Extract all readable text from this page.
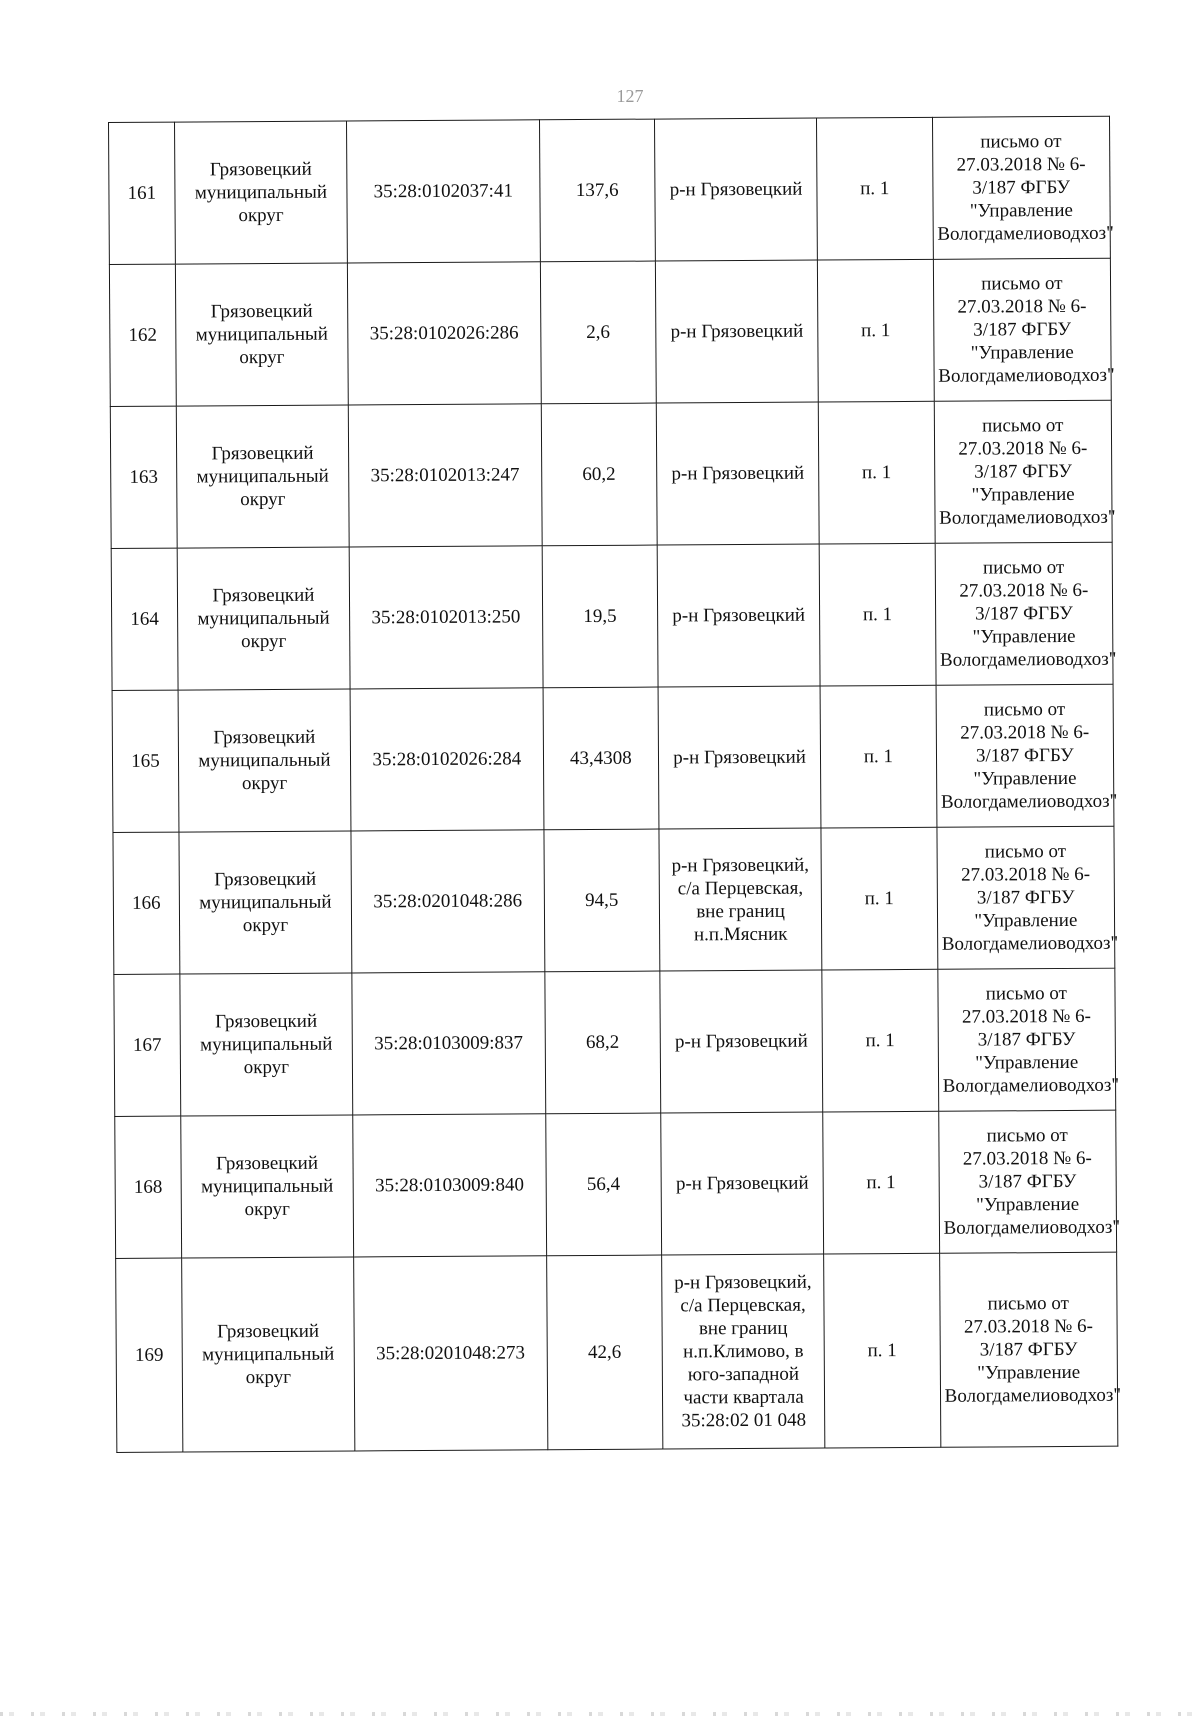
127
161	Грязовецкий муниципальный округ	35:28:0102037:41	137,6	р-н Грязовецкий	п. 1	письмо от 27.03.2018 № 6-3/187 ФГБУ "Управление Вологдамелиоводхоз"
162	Грязовецкий муниципальный округ	35:28:0102026:286	2,6	р-н Грязовецкий	п. 1	письмо от 27.03.2018 № 6-3/187 ФГБУ "Управление Вологдамелиоводхоз"
163	Грязовецкий муниципальный округ	35:28:0102013:247	60,2	р-н Грязовецкий	п. 1	письмо от 27.03.2018 № 6-3/187 ФГБУ "Управление Вологдамелиоводхоз"
164	Грязовецкий муниципальный округ	35:28:0102013:250	19,5	р-н Грязовецкий	п. 1	письмо от 27.03.2018 № 6-3/187 ФГБУ "Управление Вологдамелиоводхоз"
165	Грязовецкий муниципальный округ	35:28:0102026:284	43,4308	р-н Грязовецкий	п. 1	письмо от 27.03.2018 № 6-3/187 ФГБУ "Управление Вологдамелиоводхоз"
166	Грязовецкий муниципальный округ	35:28:0201048:286	94,5	р-н Грязовецкий, с/а Перцевская, вне границ н.п.Мясник	п. 1	письмо от 27.03.2018 № 6-3/187 ФГБУ "Управление Вологдамелиоводхоз"
167	Грязовецкий муниципальный округ	35:28:0103009:837	68,2	р-н Грязовецкий	п. 1	письмо от 27.03.2018 № 6-3/187 ФГБУ "Управление Вологдамелиоводхоз"
168	Грязовецкий муниципальный округ	35:28:0103009:840	56,4	р-н Грязовецкий	п. 1	письмо от 27.03.2018 № 6-3/187 ФГБУ "Управление Вологдамелиоводхоз"
169	Грязовецкий муниципальный округ	35:28:0201048:273	42,6	р-н Грязовецкий, с/а Перцевская, вне границ н.п.Климово, в юго-западной части квартала 35:28:02 01 048	п. 1	письмо от 27.03.2018 № 6-3/187 ФГБУ "Управление Вологдамелиоводхоз"
